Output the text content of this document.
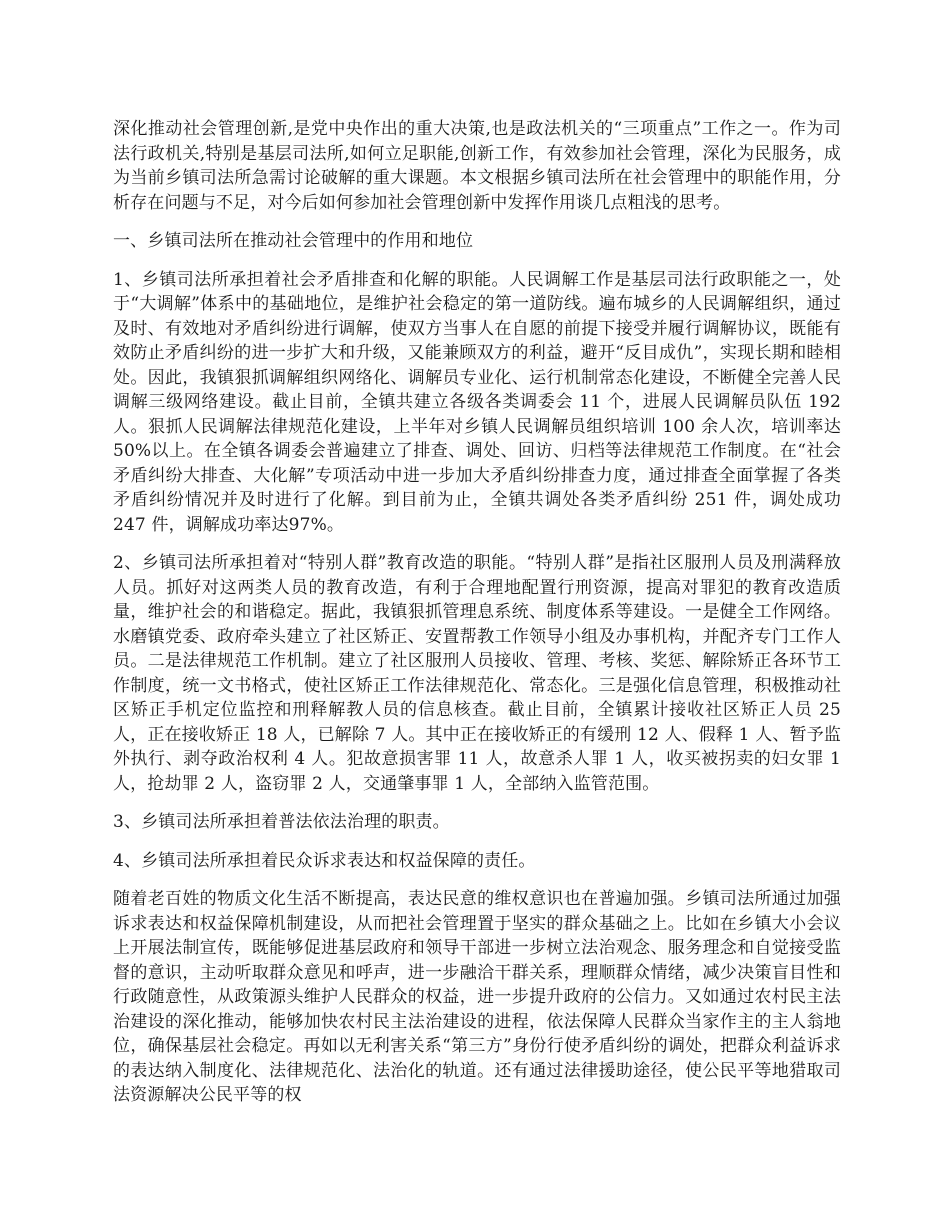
深化推动社会管理创新,是党中央作出的重大决策,也是政法机关的“三项重点”工作之一。作为司法行政机关,特别是基层司法所,如何立足职能,创新工作，有效参加社会管理，深化为民服务，成为当前乡镇司法所急需讨论破解的重大课题。本文根据乡镇司法所在社会管理中的职能作用，分析存在问题与不足，对今后如何参加社会管理创新中发挥作用谈几点粗浅的思考。

一、乡镇司法所在推动社会管理中的作用和地位

1、乡镇司法所承担着社会矛盾排查和化解的职能。人民调解工作是基层司法行政职能之一，处于“大调解”体系中的基础地位，是维护社会稳定的第一道防线。遍布城乡的人民调解组织，通过及时、有效地对矛盾纠纷进行调解，使双方当事人在自愿的前提下接受并履行调解协议，既能有效防止矛盾纠纷的进一步扩大和升级，又能兼顾双方的利益，避开“反目成仇”，实现长期和睦相处。因此，我镇狠抓调解组织网络化、调解员专业化、运行机制常态化建设，不断健全完善人民调解三级网络建设。截止目前，全镇共建立各级各类调委会 11 个，进展人民调解员队伍 192 人。狠抓人民调解法律规范化建设，上半年对乡镇人民调解员组织培训 100 余人次，培训率达 50%以上。在全镇各调委会普遍建立了排查、调处、回访、归档等法律规范工作制度。在“社会矛盾纠纷大排查、大化解”专项活动中进一步加大矛盾纠纷排查力度，通过排查全面掌握了各类矛盾纠纷情况并及时进行了化解。到目前为止，全镇共调处各类矛盾纠纷 251 件，调处成功 247 件，调解成功率达97%。

2、乡镇司法所承担着对“特别人群”教育改造的职能。“特别人群”是指社区服刑人员及刑满释放人员。抓好对这两类人员的教育改造，有利于合理地配置行刑资源，提高对罪犯的教育改造质量，维护社会的和谐稳定。据此，我镇狠抓管理息系统、制度体系等建设。一是健全工作网络。水磨镇党委、政府牵头建立了社区矫正、安置帮教工作领导小组及办事机构，并配齐专门工作人员。二是法律规范工作机制。建立了社区服刑人员接收、管理、考核、奖惩、解除矫正各环节工作制度，统一文书格式，使社区矫正工作法律规范化、常态化。三是强化信息管理，积极推动社区矫正手机定位监控和刑释解教人员的信息核查。截止目前，全镇累计接收社区矫正人员 25 人，正在接收矫正 18 人，已解除 7 人。其中正在接收矫正的有缓刑 12 人、假释 1 人、暂予监外执行、剥夺政治权利 4 人。犯故意损害罪 11 人，故意杀人罪 1 人，收买被拐卖的妇女罪 1 人，抢劫罪 2 人，盗窃罪 2 人，交通肇事罪 1 人，全部纳入监管范围。

3、乡镇司法所承担着普法依法治理的职责。

4、乡镇司法所承担着民众诉求表达和权益保障的责任。

随着老百姓的物质文化生活不断提高，表达民意的维权意识也在普遍加强。乡镇司法所通过加强诉求表达和权益保障机制建设，从而把社会管理置于坚实的群众基础之上。比如在乡镇大小会议上开展法制宣传，既能够促进基层政府和领导干部进一步树立法治观念、服务理念和自觉接受监督的意识，主动听取群众意见和呼声，进一步融洽干群关系，理顺群众情绪，减少决策盲目性和行政随意性，从政策源头维护人民群众的权益，进一步提升政府的公信力。又如通过农村民主法治建设的深化推动，能够加快农村民主法治建设的进程，依法保障人民群众当家作主的主人翁地位，确保基层社会稳定。再如以无利害关系“第三方”身份行使矛盾纠纷的调处，把群众利益诉求的表达纳入制度化、法律规范化、法治化的轨道。还有通过法律援助途径，使公民平等地猎取司法资源解决公民平等的权
